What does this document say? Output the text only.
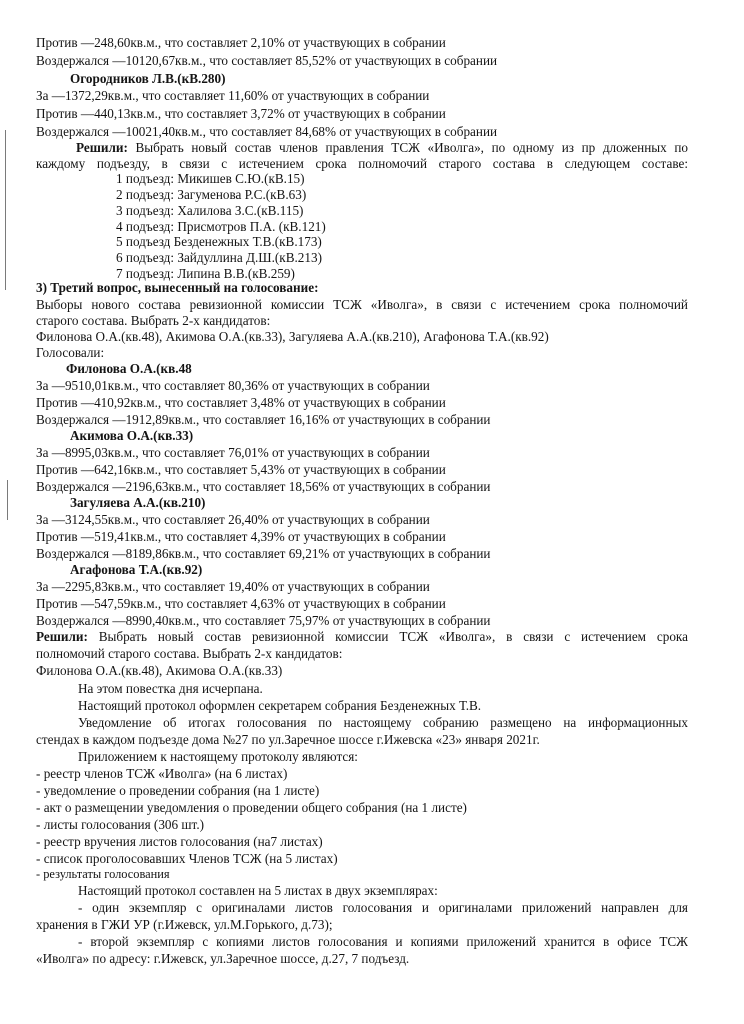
Против —248,60кв.м., что составляет 2,10% от участвующих в собрании
Воздержался —10120,67кв.м., что составляет 85,52% от участвующих в собрании
Огородников Л.В.(кВ.280)
За —1372,29кв.м., что составляет 11,60% от участвующих в собрании
Против —440,13кв.м., что составляет 3,72% от участвующих в собрании
Воздержался —10021,40кв.м., что составляет 84,68% от участвующих в собрании
Решили: Выбрать новый состав членов правления ТСЖ «Иволга», по одному из пр дложенных по
каждому подъезду, в связи с истечением срока полномочий старого состава в следующем составе:
1 подъезд: Микишев С.Ю.(кВ.15)
2 подъезд: Загуменова Р.С.(кВ.63)
3 подъезд: Халилова З.С.(кВ.115)
4 подъезд: Присмотров П.А. (кВ.121)
5 подъезд Безденежных Т.В.(кВ.173)
6 подъезд: Зайдуллина Д.Ш.(кВ.213)
7 подъезд: Липина В.В.(кВ.259)
3) Третий вопрос, вынесенный на голосование:
Выборы нового состава ревизионной комиссии ТСЖ «Иволга», в связи с истечением срока полномочий
старого состава. Выбрать 2-х кандидатов:
Филонова О.А.(кв.48), Акимова О.А.(кв.33), Загуляева А.А.(кв.210), Агафонова Т.А.(кв.92)
Голосовали:
Филонова О.А.(кв.48
За —9510,01кв.м., что составляет 80,36% от участвующих в собрании
Против —410,92кв.м., что составляет 3,48% от участвующих в собрании
Воздержался —1912,89кв.м., что составляет 16,16% от участвующих в собрании
Акимова О.А.(кв.33)
За —8995,03кв.м., что составляет 76,01% от участвующих в собрании
Против —642,16кв.м., что составляет 5,43% от участвующих в собрании
Воздержался —2196,63кв.м., что составляет 18,56% от участвующих в собрании
Загуляева А.А.(кв.210)
За —3124,55кв.м., что составляет 26,40% от участвующих в собрании
Против —519,41кв.м., что составляет 4,39% от участвующих в собрании
Воздержался —8189,86кв.м., что составляет 69,21% от участвующих в собрании
Агафонова Т.А.(кв.92)
За —2295,83кв.м., что составляет 19,40% от участвующих в собрании
Против —547,59кв.м., что составляет 4,63% от участвующих в собрании
Воздержался —8990,40кв.м., что составляет 75,97% от участвующих в собрании
Решили: Выбрать новый состав ревизионной комиссии ТСЖ «Иволга», в связи с истечением срока
полномочий старого состава. Выбрать 2-х кандидатов:
Филонова О.А.(кв.48), Акимова О.А.(кв.33)
На этом повестка дня исчерпана.
Настоящий протокол оформлен секретарем собрания Безденежных Т.В.
Уведомление об итогах голосования по настоящему собранию размещено на информационных
стендах в каждом подъезде дома №27 по ул.Заречное шоссе г.Ижевска «23» января 2021г.
Приложением к настоящему протоколу являются:
- реестр членов ТСЖ «Иволга» (на 6 листах)
- уведомление о проведении собрания (на 1 листе)
- акт о размещении уведомления о проведении общего собрания (на 1 листе)
- листы голосования (306 шт.)
- реестр вручения листов голосования (на7 листах)
- список проголосовавших Членов ТСЖ (на 5 листах)
- результаты голосования
Настоящий протокол составлен на 5 листах в двух экземплярах:
- один экземпляр с оригиналами листов голосования и оригиналами приложений направлен для
хранения в ГЖИ УР (г.Ижевск, ул.М.Горького, д.73);
- второй экземпляр с копиями листов голосования и копиями приложений хранится в офисе ТСЖ
«Иволга» по адресу: г.Ижевск, ул.Заречное шоссе, д.27, 7 подъезд.
